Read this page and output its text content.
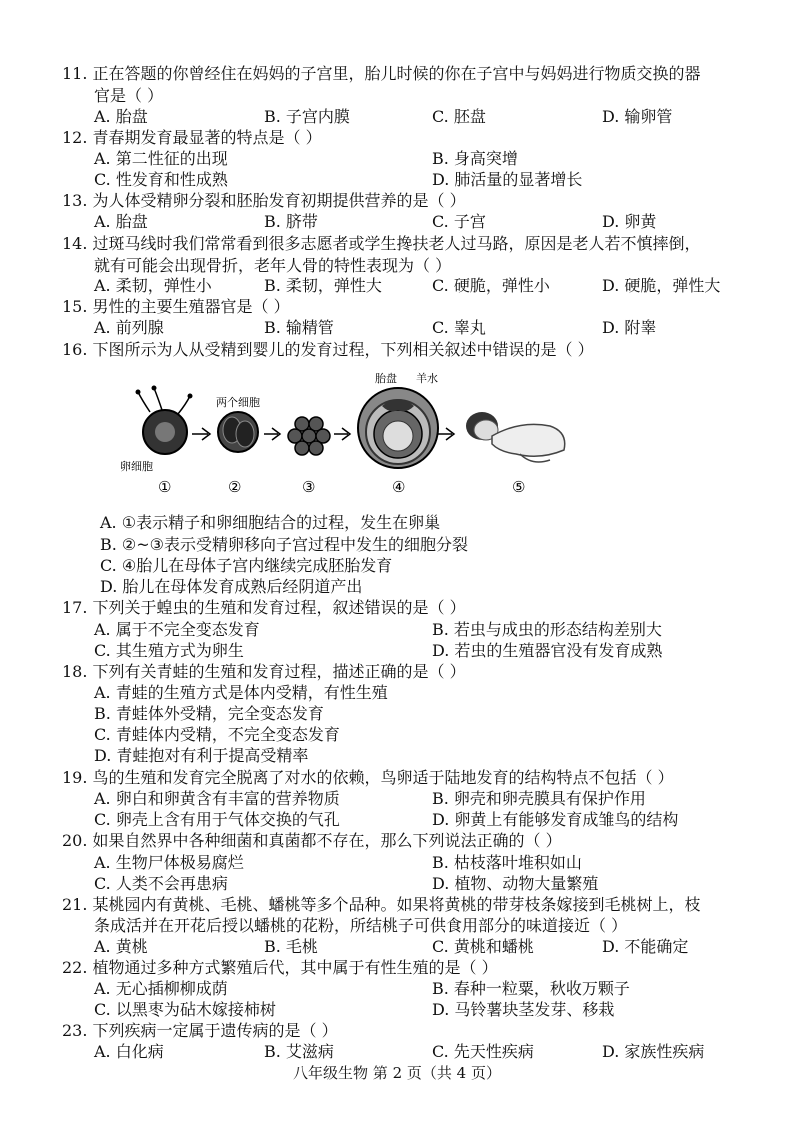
11. 正在答题的你曾经住在妈妈的子宫里，胎儿时候的你在子宫中与妈妈进行物质交换的器
官是（ ）
A. 胎盘	B. 子宫内膜	C. 胚盘	D. 输卵管
12. 青春期发育最显著的特点是（ ）
A. 第二性征的出现	B. 身高突增
C. 性发育和性成熟	D. 肺活量的显著增长
13. 为人体受精卵分裂和胚胎发育初期提供营养的是（ ）
A. 胎盘	B. 脐带	C. 子宫	D. 卵黄
14. 过斑马线时我们常常看到很多志愿者或学生搀扶老人过马路，原因是老人若不慎摔倒，
就有可能会出现骨折，老年人骨的特性表现为（ ）
A. 柔韧，弹性小	B. 柔韧，弹性大	C. 硬脆，弹性小	D. 硬脆，弹性大
15. 男性的主要生殖器官是（ ）
A. 前列腺	B. 输精管	C. 睾丸	D. 附睾
16. 下图所示为人从受精到婴儿的发育过程，下列相关叙述中错误的是（ ）
卵细胞
两个细胞
胎盘 羊水
①	②	③	④	⑤
A. ①表示精子和卵细胞结合的过程，发生在卵巢
B. ②~③表示受精卵移向子宫过程中发生的细胞分裂
C. ④胎儿在母体子宫内继续完成胚胎发育
D. 胎儿在母体发育成熟后经阴道产出
17. 下列关于蝗虫的生殖和发育过程，叙述错误的是（ ）
A. 属于不完全变态发育	B. 若虫与成虫的形态结构差别大
C. 其生殖方式为卵生	D. 若虫的生殖器官没有发育成熟
18. 下列有关青蛙的生殖和发育过程，描述正确的是（ ）
A. 青蛙的生殖方式是体内受精，有性生殖
B. 青蛙体外受精，完全变态发育
C. 青蛙体内受精，不完全变态发育
D. 青蛙抱对有利于提高受精率
19. 鸟的生殖和发育完全脱离了对水的依赖，鸟卵适于陆地发育的结构特点不包括（ ）
A. 卵白和卵黄含有丰富的营养物质	B. 卵壳和卵壳膜具有保护作用
C. 卵壳上含有用于气体交换的气孔	D. 卵黄上有能够发育成雏鸟的结构
20. 如果自然界中各种细菌和真菌都不存在，那么下列说法正确的（ ）
A. 生物尸体极易腐烂	B. 枯枝落叶堆积如山
C. 人类不会再患病	D. 植物、动物大量繁殖
21. 某桃园内有黄桃、毛桃、蟠桃等多个品种。如果将黄桃的带芽枝条嫁接到毛桃树上，枝
条成活并在开花后授以蟠桃的花粉，所结桃子可供食用部分的味道接近（ ）
A. 黄桃	B. 毛桃	C. 黄桃和蟠桃	D. 不能确定
22. 植物通过多种方式繁殖后代，其中属于有性生殖的是（ ）
A. 无心插柳柳成荫	B. 春种一粒粟，秋收万颗子
C. 以黑枣为砧木嫁接柿树	D. 马铃薯块茎发芽、移栽
23. 下列疾病一定属于遗传病的是（ ）
A. 白化病	B. 艾滋病	C. 先天性疾病	D. 家族性疾病
八年级生物 第 2 页（共 4 页）
